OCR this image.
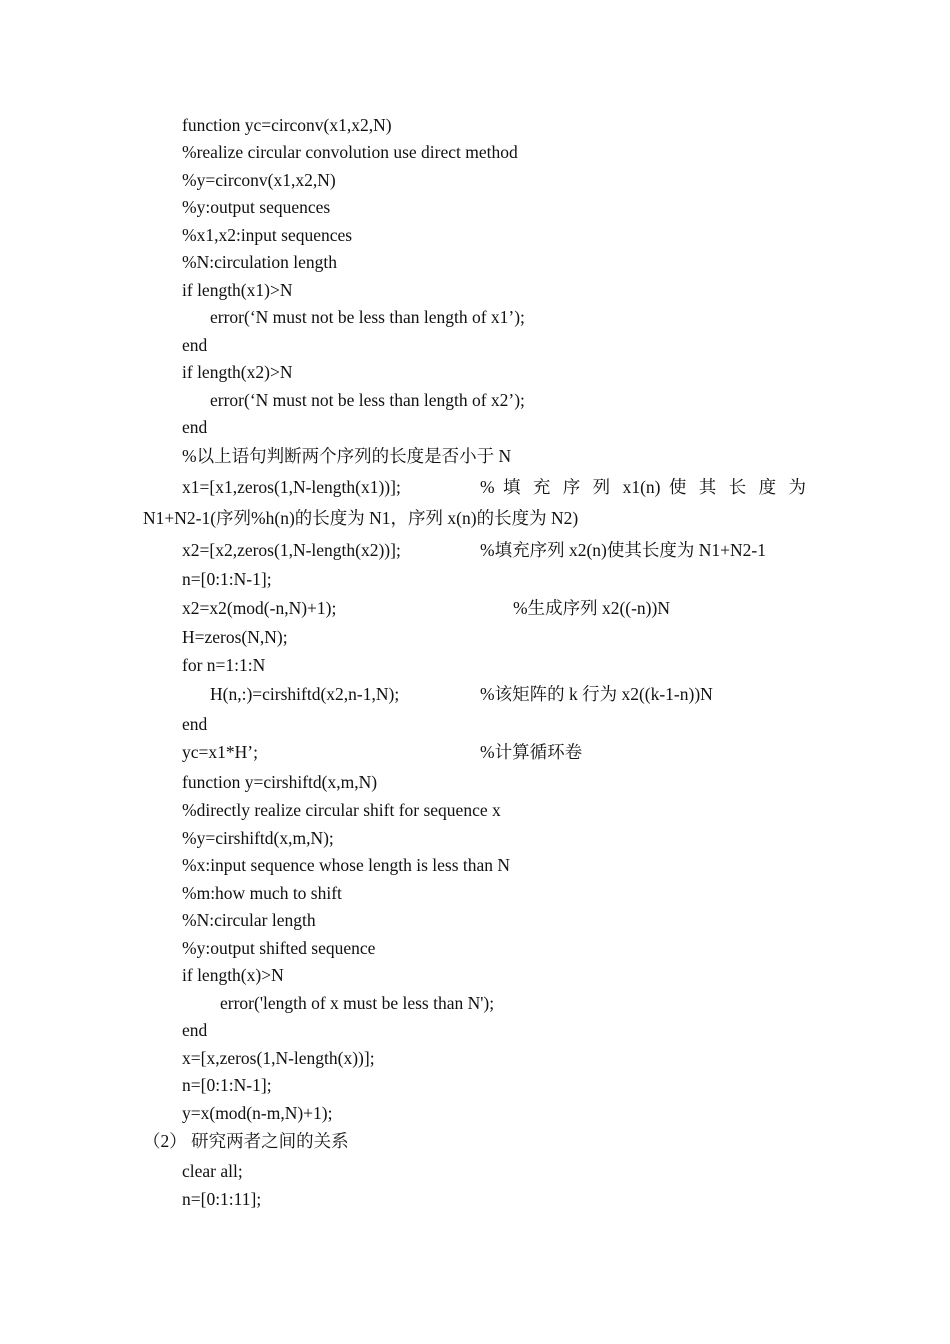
function yc=circonv(x1,x2,N)
%realize circular convolution use direct method
%y=circonv(x1,x2,N)
%y:output sequences
%x1,x2:input sequences
%N:circulation length
if length(x1)>N
error(‘N must not be less than length of x1’);
end
if length(x2)>N
error(‘N must not be less than length of x2’);
end
%以上语句判断两个序列的长度是否小于 N
x1=[x1,zeros(1,N-length(x1))];	% 填 充 序 列 x1(n) 使 其 长 度 为
N1+N2-1(序列%h(n)的长度为 N1，序列 x(n)的长度为 N2)
x2=[x2,zeros(1,N-length(x2))];	%填充序列 x2(n)使其长度为 N1+N2-1
n=[0:1:N-1];
x2=x2(mod(-n,N)+1);	%生成序列 x2((-n))N
H=zeros(N,N);
for n=1:1:N
H(n,:)=cirshiftd(x2,n-1,N);	%该矩阵的 k 行为 x2((k-1-n))N
end
yc=x1*H’;	%计算循环卷
function y=cirshiftd(x,m,N)
%directly realize circular shift for sequence x
%y=cirshiftd(x,m,N);
%x:input sequence whose length is less than N
%m:how much to shift
%N:circular length
%y:output shifted sequence
if length(x)>N
error('length of x must be less than N');
end
x=[x,zeros(1,N-length(x))];
n=[0:1:N-1];
y=x(mod(n-m,N)+1);
（2） 研究两者之间的关系
clear all;
n=[0:1:11];
